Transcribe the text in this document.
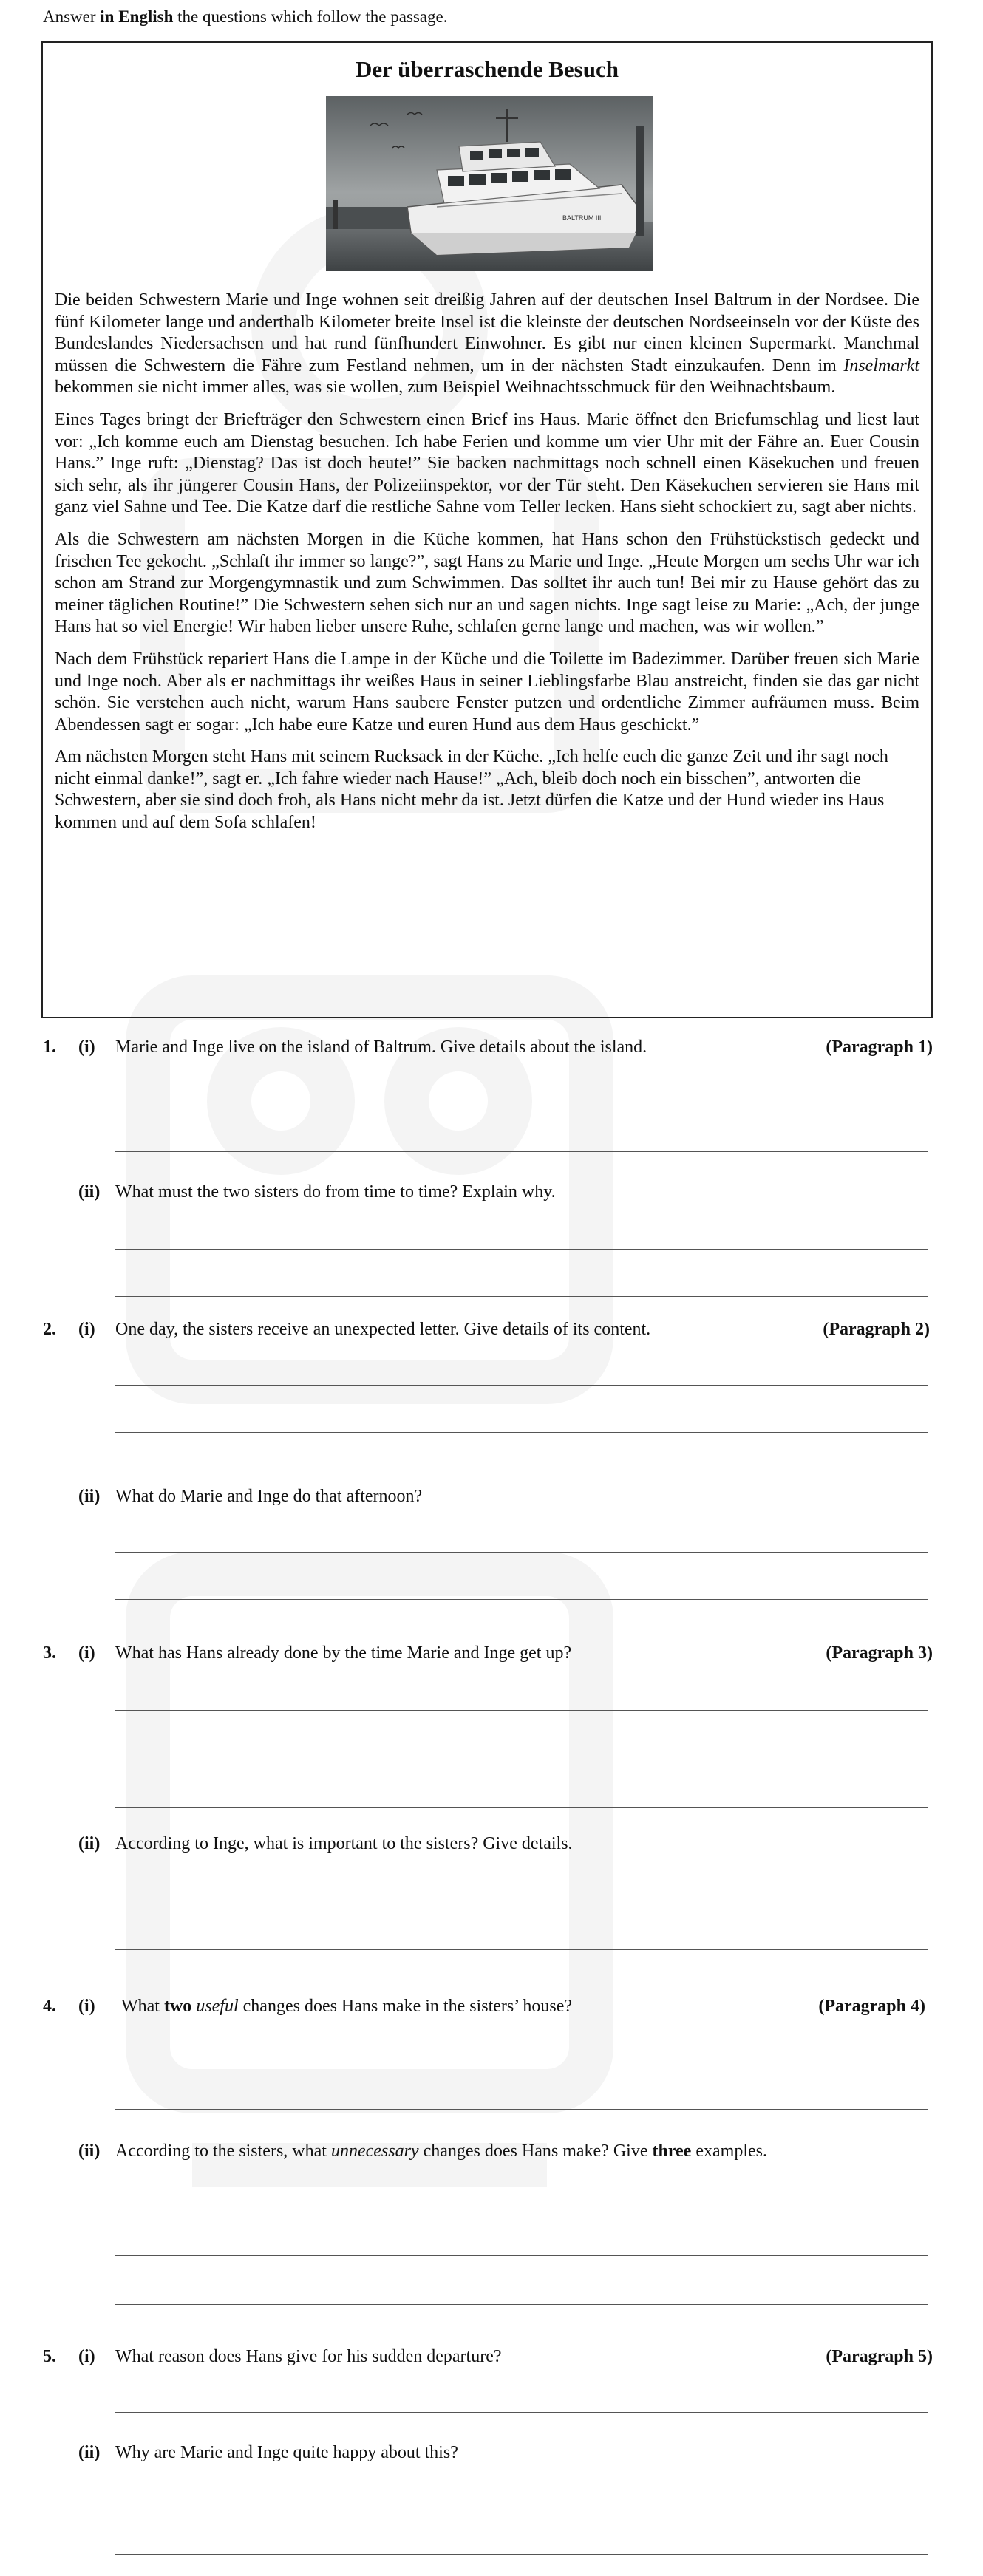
Answer in English the questions which follow the passage.
Der überraschende Besuch
BALTRUM III

Die beiden Schwestern Marie und Inge wohnen seit dreißig Jahren auf der deutschen Insel Baltrum in der Nordsee. Die fünf Kilometer lange und anderthalb Kilometer breite Insel ist die kleinste der deutschen Nordseeinseln vor der Küste des Bundeslandes Niedersachsen und hat rund fünfhundert Einwohner. Es gibt nur einen kleinen Supermarkt. Manchmal müssen die Schwestern die Fähre zum Festland nehmen, um in der nächsten Stadt einzukaufen. Denn im Inselmarkt bekommen sie nicht immer alles, was sie wollen, zum Beispiel Weihnachtsschmuck für den Weihnachtsbaum.

Eines Tages bringt der Briefträger den Schwestern einen Brief ins Haus. Marie öffnet den Briefumschlag und liest laut vor: „Ich komme euch am Dienstag besuchen. Ich habe Ferien und komme um vier Uhr mit der Fähre an. Euer Cousin Hans.” Inge ruft: „Dienstag? Das ist doch heute!” Sie backen nachmittags noch schnell einen Käsekuchen und freuen sich sehr, als ihr jüngerer Cousin Hans, der Polizeiinspektor, vor der Tür steht. Den Käsekuchen servieren sie Hans mit ganz viel Sahne und Tee. Die Katze darf die restliche Sahne vom Teller lecken. Hans sieht schockiert zu, sagt aber nichts.

Als die Schwestern am nächsten Morgen in die Küche kommen, hat Hans schon den Frühstückstisch gedeckt und frischen Tee gekocht. „Schlaft ihr immer so lange?”, sagt Hans zu Marie und Inge. „Heute Morgen um sechs Uhr war ich schon am Strand zur Morgengymnastik und zum Schwimmen. Das solltet ihr auch tun! Bei mir zu Hause gehört das zu meiner täglichen Routine!” Die Schwestern sehen sich nur an und sagen nichts. Inge sagt leise zu Marie: „Ach, der junge Hans hat so viel Energie! Wir haben lieber unsere Ruhe, schlafen gerne lange und machen, was wir wollen.”

Nach dem Frühstück repariert Hans die Lampe in der Küche und die Toilette im Badezimmer. Darüber freuen sich Marie und Inge noch. Aber als er nachmittags ihr weißes Haus in seiner Lieblingsfarbe Blau anstreicht, finden sie das gar nicht schön. Sie verstehen auch nicht, warum Hans saubere Fenster putzen und ordentliche Zimmer aufräumen muss. Beim Abendessen sagt er sogar: „Ich habe eure Katze und euren Hund aus dem Haus geschickt.”

Am nächsten Morgen steht Hans mit seinem Rucksack in der Küche. „Ich helfe euch die ganze Zeit und ihr sagt noch nicht einmal danke!”, sagt er. „Ich fahre wieder nach Hause!” „Ach, bleib doch noch ein bisschen”, antworten die Schwestern, aber sie sind doch froh, als Hans nicht mehr da ist. Jetzt dürfen die Katze und der Hund wieder ins Haus kommen und auf dem Sofa schlafen!

1. (i) Marie and Inge live on the island of Baltrum. Give details about the island.	(Paragraph 1)
(ii) What must the two sisters do from time to time? Explain why.
2. (i) One day, the sisters receive an unexpected letter. Give details of its content.	(Paragraph 2)
(ii) What do Marie and Inge do that afternoon?
3. (i) What has Hans already done by the time Marie and Inge get up?	(Paragraph 3)
(ii) According to Inge, what is important to the sisters? Give details.
4. (i) What two useful changes does Hans make in the sisters’ house?	(Paragraph 4)
(ii) According to the sisters, what unnecessary changes does Hans make? Give three examples.
5. (i) What reason does Hans give for his sudden departure?	(Paragraph 5)
(ii) Why are Marie and Inge quite happy about this?
